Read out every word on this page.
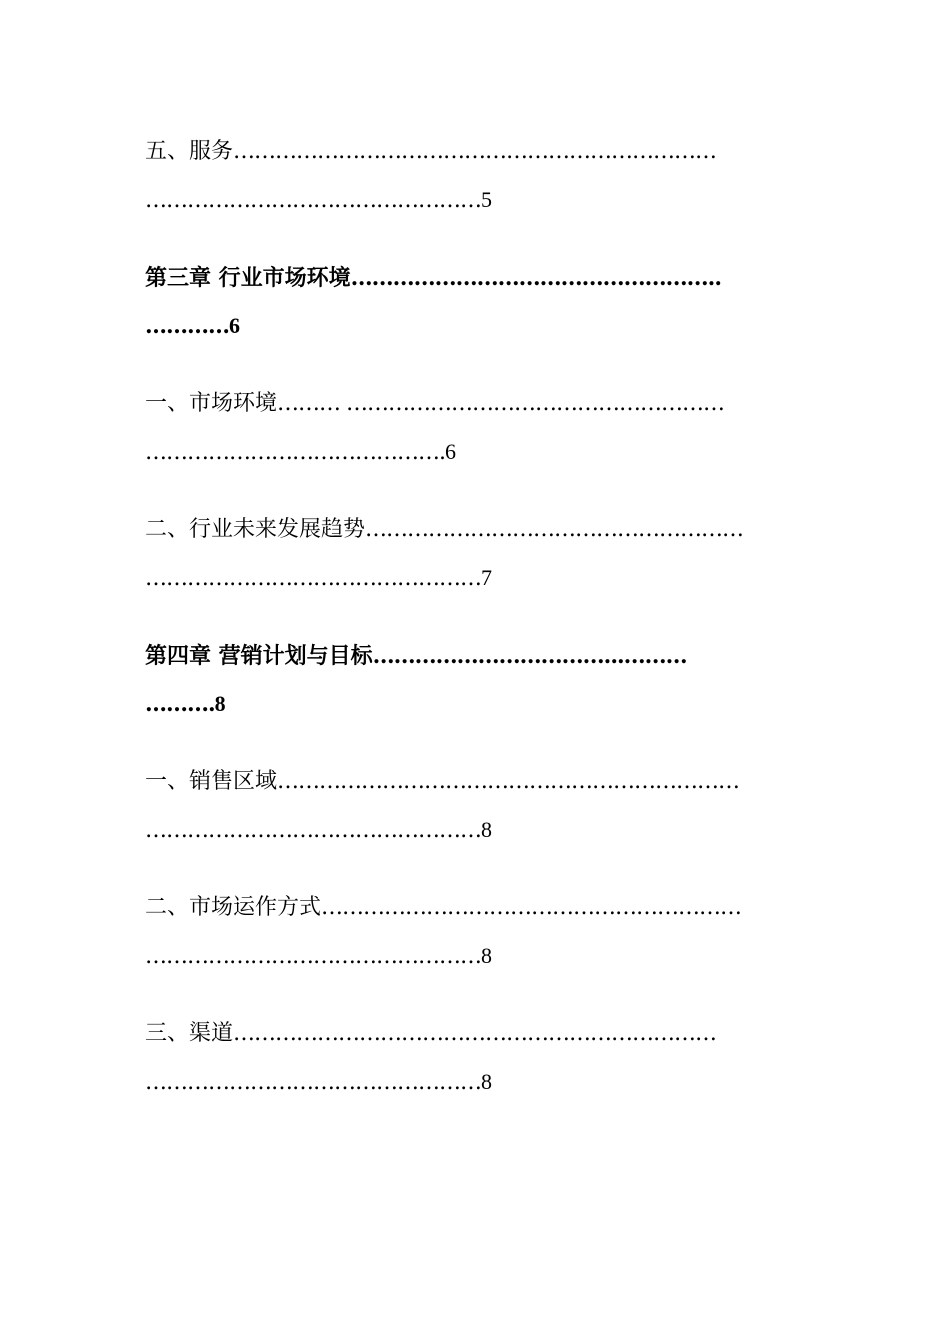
五、服务……………………………………………………………
…………………………………………5
第三章 行业市场环境……………………………………………..
…………6
一、市场环境……… ………………………………………………
…………………………………….6
二、行业未来发展趋势………………………………………………
…………………………………………7
第四章 营销计划与目标……………………………...………
……….8
一、销售区域…………………………………………………………
…………………………………………8
二、市场运作方式……………………………………………………
…………………………………………8
三、渠道……………………………………………………………
…………………………………………8
